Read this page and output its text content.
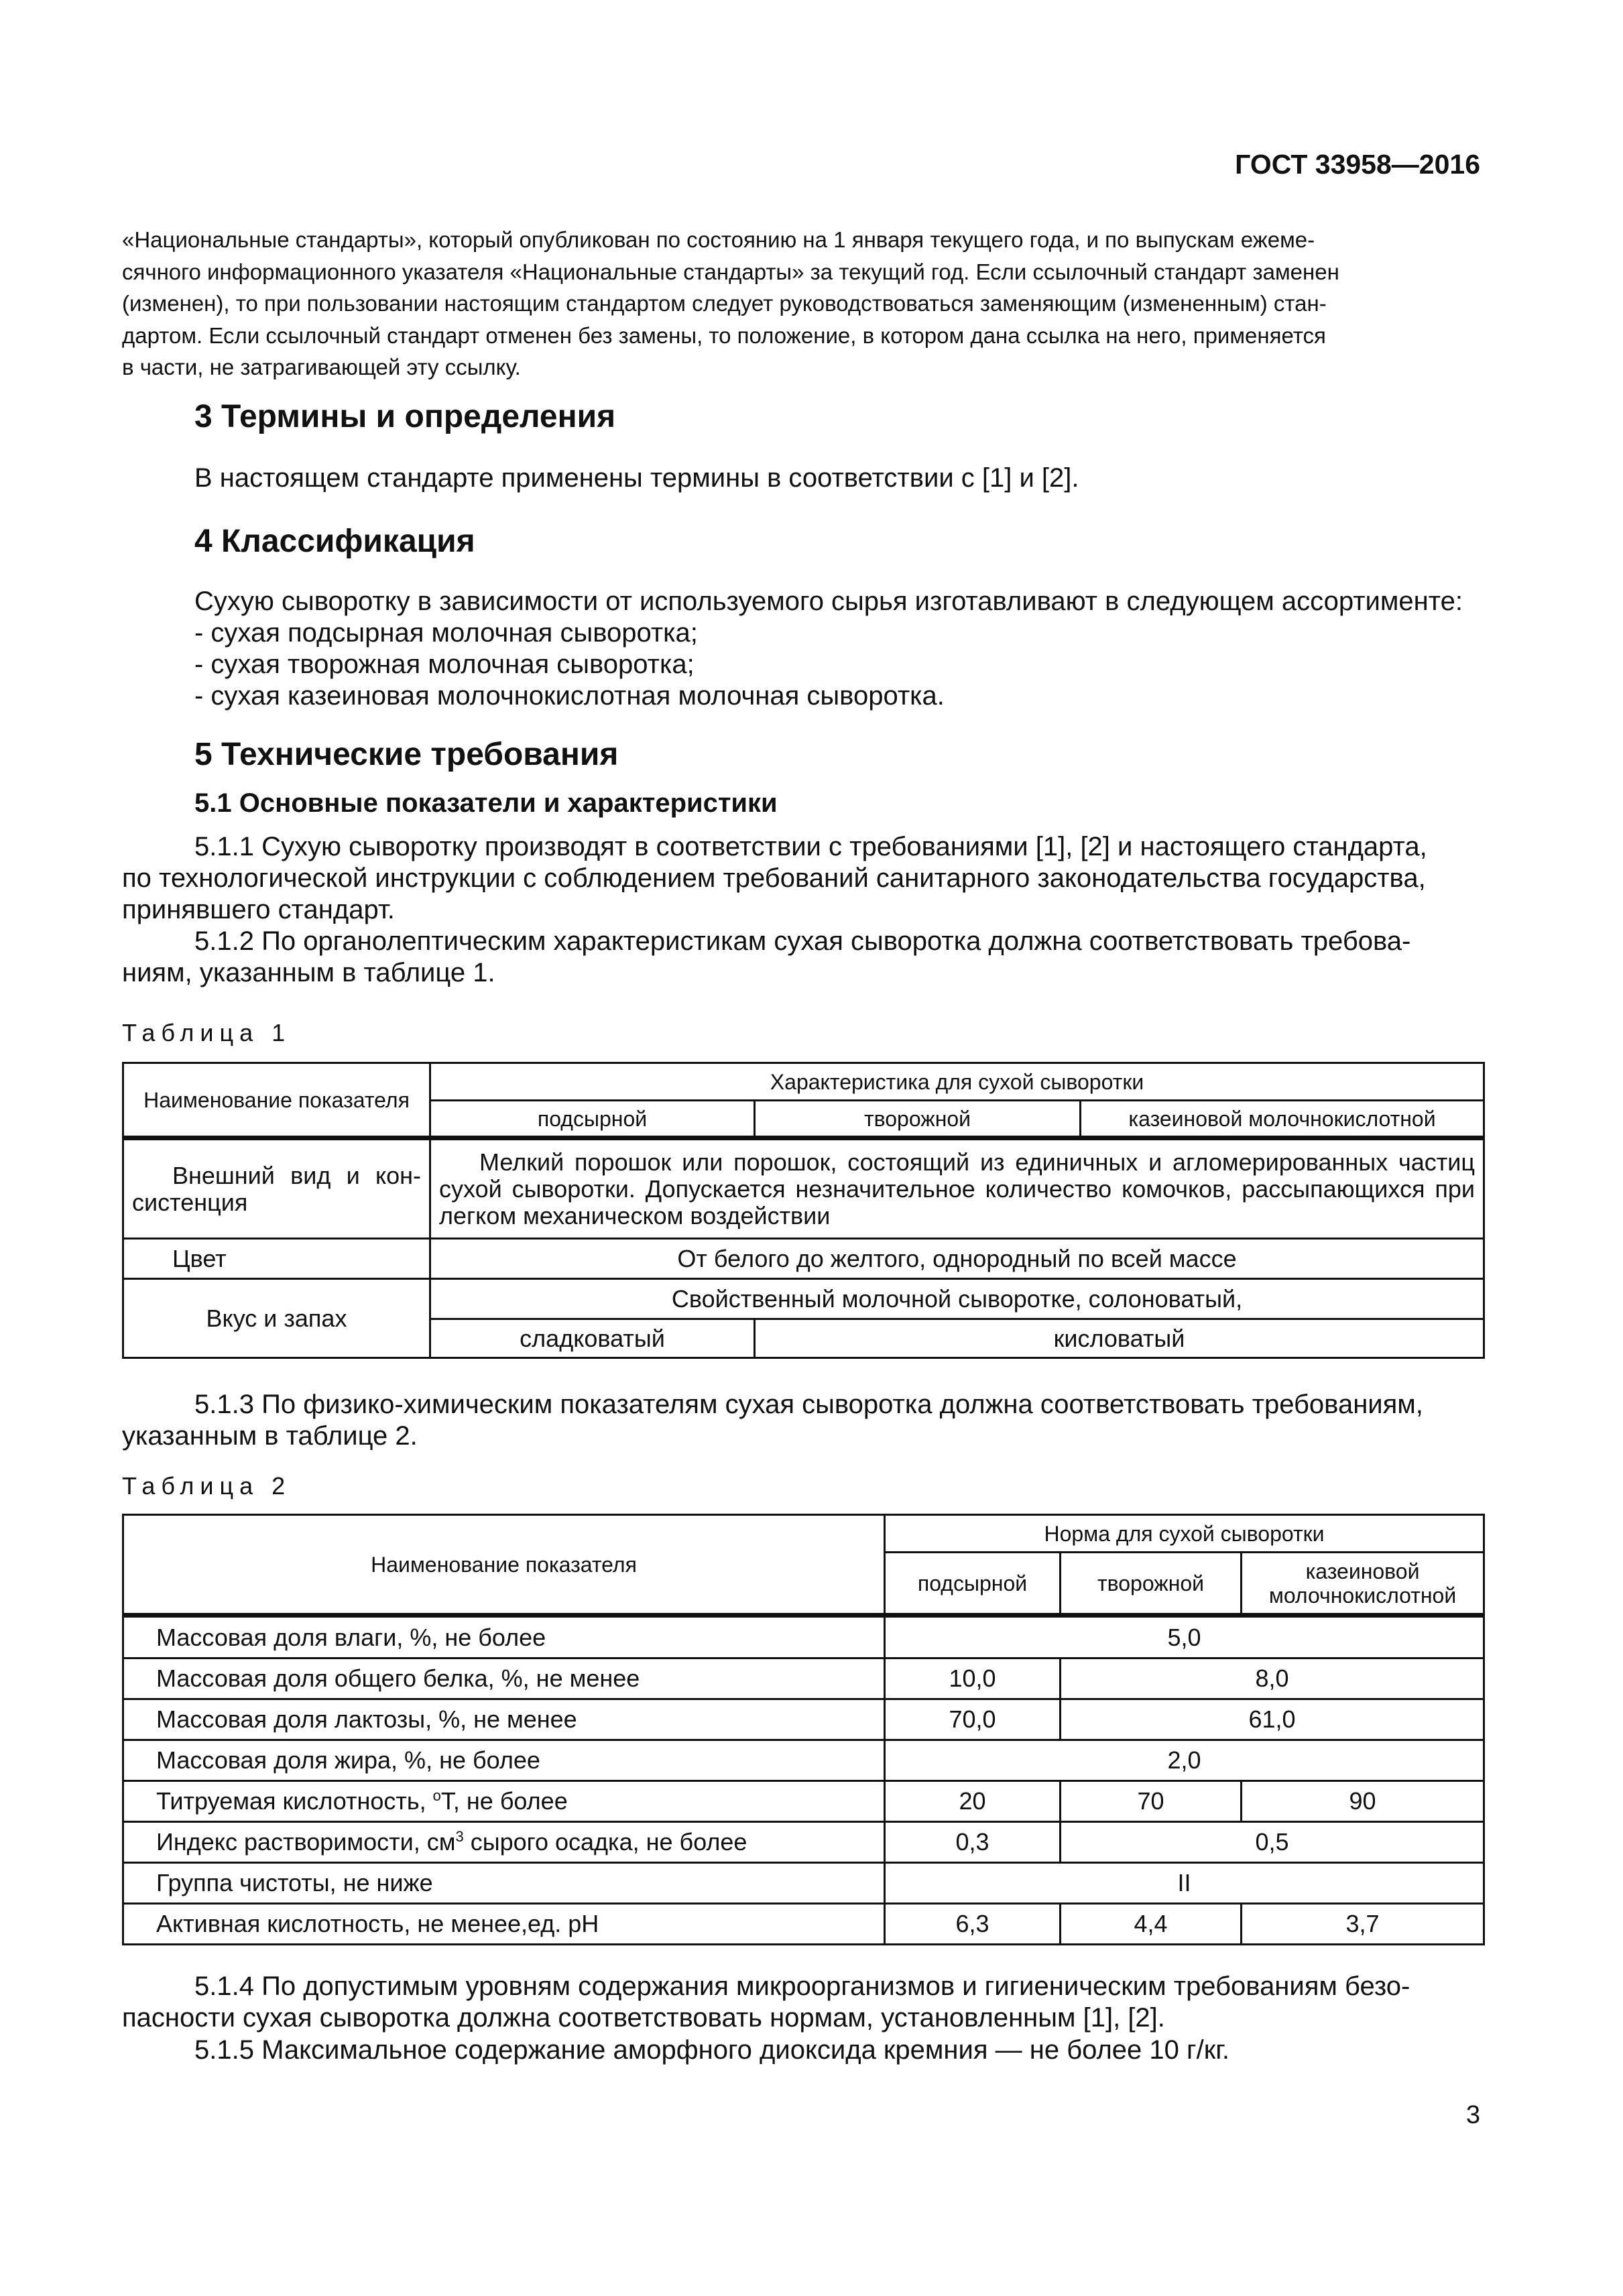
ГОСТ 33958—2016

«Национальные стандарты», который опубликован по состоянию на 1 января текущего года, и по выпускам ежеме-

сячного информационного указателя «Национальные стандарты» за текущий год. Если ссылочный стандарт заменен

(изменен), то при пользовании настоящим стандартом следует руководствоваться заменяющим (измененным) стан-

дартом. Если ссылочный стандарт отменен без замены, то положение, в котором дана ссылка на него, применяется

в части, не затрагивающей эту ссылку.

3 Термины и определения
В настоящем стандарте применены термины в соответствии с [1] и [2].
4 Классификация
Сухую сыворотку в зависимости от используемого сырья изготавливают в следующем ассортименте:
- сухая подсырная молочная сыворотка;
- сухая творожная молочная сыворотка;
- сухая казеиновая молочнокислотная молочная сыворотка.
5 Технические требования
5.1 Основные показатели и характеристики

5.1.1 Сухую сыворотку производят в соответствии с требованиями [1], [2] и настоящего стандарта,

по технологической инструкции с соблюдением требований санитарного законодательства государства,

принявшего стандарт.

5.1.2 По органолептическим характеристикам сухая сыворотка должна соответствовать требова-

ниям, указанным в таблице 1.

Таблица 1
Наименование показателя	Характеристика для сухой сыворотки		
	подсырной	творожной	казеиновой молочнокислотной
Внешний вид и кон-систенция	Мелкий порошок или порошок, состоящий из единичных и агломерированных частиц сухой сыворотки. Допускается незначительное количество комочков, рассыпающихся при легком механическом воздействии		
Цвет	От белого до желтого, однородный по всей массе		
Вкус и запах	Свойственный молочной сыворотке, солоноватый,		
	сладковатый	кисловатый	

5.1.3 По физико-химическим показателям сухая сыворотка должна соответствовать требованиям,

указанным в таблице 2.

Таблица 2
Наименование показателя	Норма для сухой сыворотки		
	подсырной	творожной	казеиновой молочнокислотной
Массовая доля влаги, %, не более	5,0		
Массовая доля общего белка, %, не менее	10,0	8,0	
Массовая доля лактозы, %, не менее	70,0	61,0	
Массовая доля жира, %, не более	2,0		
Титруемая кислотность, $^о$Т, не более	20	70	90
Индекс растворимости, $см^3$ сырого осадка, не более	0,3	0,5	
Группа чистоты, не ниже	II		
Активная кислотность, не менее,ед. pH	6,3	4,4	3,7

5.1.4 По допустимым уровням содержания микроорганизмов и гигиеническим требованиям безо-

пасности сухая сыворотка должна соответствовать нормам, установленным [1], [2].

5.1.5 Максимальное содержание аморфного диоксида кремния — не более 10 г/кг.
3
